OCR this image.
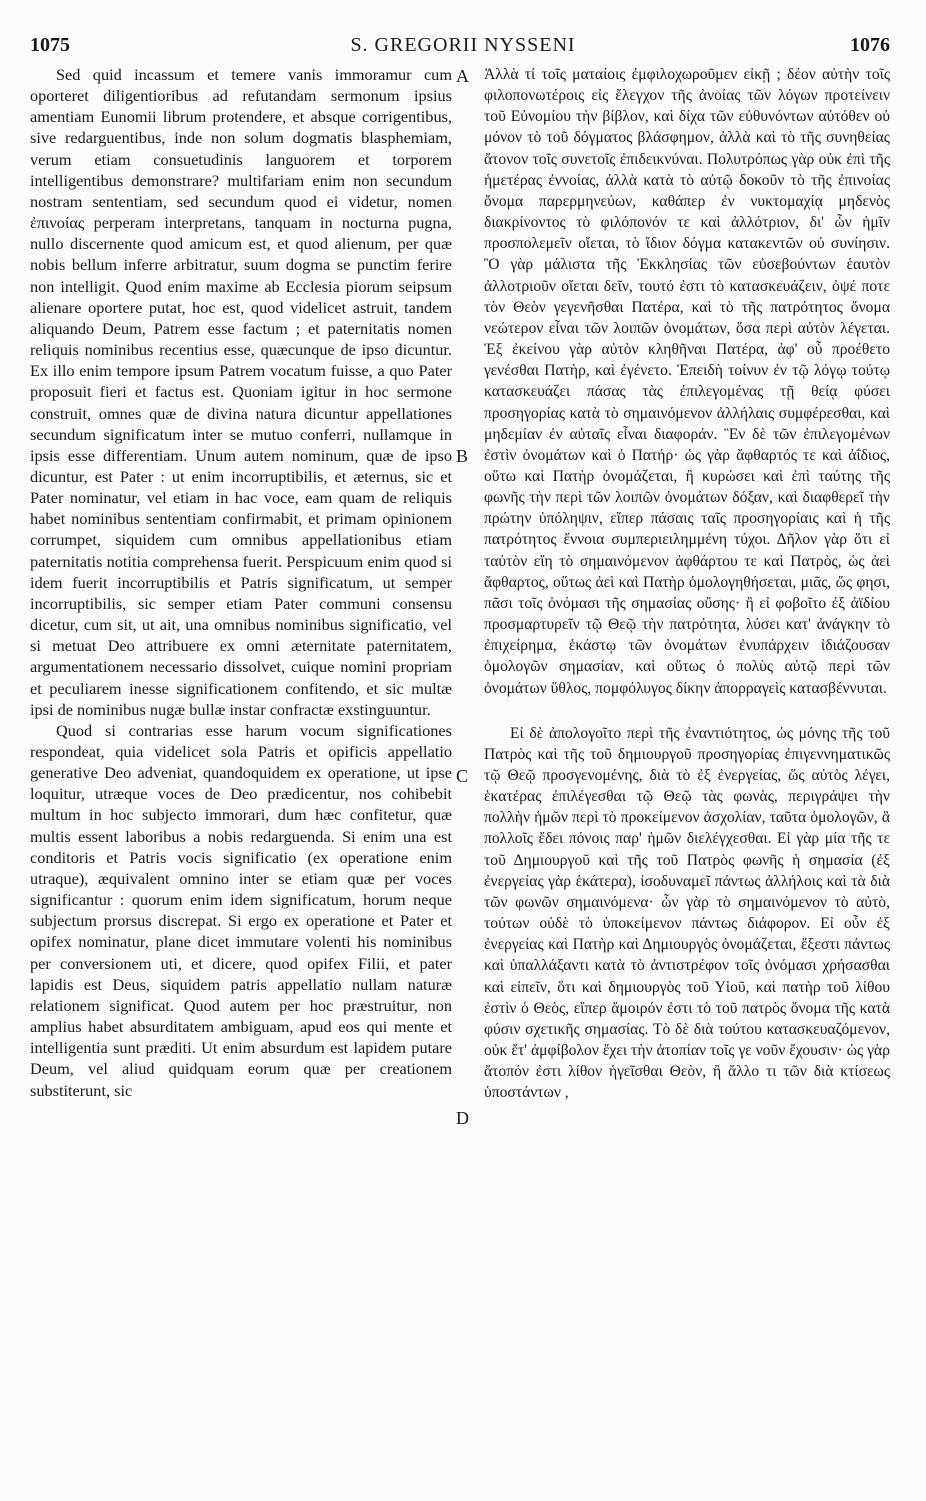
1075	S. GREGORII NYSSENI	1076
A
B
C
D

Sed quid incassum et temere vanis immoramur cum oporteret diligentioribus ad refutandam sermonum ipsius amentiam Eunomii librum protendere, et absque corrigentibus, sive redarguentibus, inde non solum dogmatis blasphemiam, verum etiam consuetudinis languorem et torporem intelligentibus demonstrare? multifariam enim non secundum nostram sententiam, sed secundum quod ei videtur, nomen ἐπινοίας perperam interpretans, tanquam in nocturna pugna, nullo discernente quod amicum est, et quod alienum, per quæ nobis bellum inferre arbitratur, suum dogma se punctim ferire non intelligit. Quod enim maxime ab Ecclesia piorum seipsum alienare oportere putat, hoc est, quod videlicet astruit, tandem aliquando Deum, Patrem esse factum ; et paternitatis nomen reliquis nominibus recentius esse, quæcunque de ipso dicuntur. Ex illo enim tempore ipsum Patrem vocatum fuisse, a quo Pater proposuit fieri et factus est. Quoniam igitur in hoc sermone construit, omnes quæ de divina natura dicuntur appellationes secundum significatum inter se mutuo conferri, nullamque in ipsis esse differentiam. Unum autem nominum, quæ de ipso dicuntur, est Pater : ut enim incorruptibilis, et æternus, sic et Pater nominatur, vel etiam in hac voce, eam quam de reliquis habet nominibus sententiam confirmabit, et primam opinionem corrumpet, siquidem cum omnibus appellationibus etiam paternitatis notitia comprehensa fuerit. Perspicuum enim quod si idem fuerit incorruptibilis et Patris significatum, ut semper incorruptibilis, sic semper etiam Pater communi consensu dicetur, cum sit, ut ait, una omnibus nominibus significatio, vel si metuat Deo attribuere ex omni æternitate paternitatem, argumentationem necessario dissolvet, cuique nomini propriam et peculiarem inesse significationem confitendo, et sic multæ ipsi de nominibus nugæ bullæ instar confractæ exstinguuntur.

Quod si contrarias esse harum vocum significationes respondeat, quia videlicet sola Patris et opificis appellatio generative Deo adveniat, quandoquidem ex operatione, ut ipse loquitur, utræque voces de Deo prædicentur, nos cohibebit multum in hoc subjecto immorari, dum hæc confitetur, quæ multis essent laboribus a nobis redarguenda. Si enim una est conditoris et Patris vocis significatio (ex operatione enim utraque), æquivalent omnino inter se etiam quæ per voces significantur : quorum enim idem significatum, horum neque subjectum prorsus discrepat. Si ergo ex operatione et Pater et opifex nominatur, plane dicet immutare volenti his nominibus per conversionem uti, et dicere, quod opifex Filii, et pater lapidis est Deus, siquidem patris appellatio nullam naturæ relationem significat. Quod autem per hoc præstruitur, non amplius habet absurditatem ambiguam, apud eos qui mente et intelligentia sunt præditi. Ut enim absurdum est lapidem putare Deum, vel aliud quidquam eorum quæ per creationem substiterunt, sic

Ἀλλὰ τί τοῖς ματαίοις ἐμφιλοχωροῦμεν εἰκῇ ; δέον αὐτὴν τοῖς φιλοπονωτέροις εἰς ἔλεγχον τῆς ἀνοίας τῶν λόγων προτείνειν τοῦ Εὐνομίου τὴν βίβλον, καὶ δίχα τῶν εὐθυνόντων αὐτόθεν οὐ μόνον τὸ τοῦ δόγματος βλάσφημον, ἀλλὰ καὶ τὸ τῆς συνηθείας ἄτονον τοῖς συνετοῖς ἐπιδεικνύναι. Πολυτρόπως γὰρ οὐκ ἐπὶ τῆς ἡμετέρας ἐννοίας, ἀλλὰ κατὰ τὸ αὐτῷ δοκοῦν τὸ τῆς ἐπινοίας ὄνομα παρερμηνεύων, καθάπερ ἐν νυκτομαχίᾳ μηδενὸς διακρίνοντος τὸ φιλόπονόν τε καὶ ἀλλότριον, δι' ὧν ἡμῖν προσπολεμεῖν οἴεται, τὸ ἴδιον δόγμα κατακεντῶν οὐ συνίησιν. Ὃ γὰρ μάλιστα τῆς Ἐκκλησίας τῶν εὐσεβούντων ἑαυτὸν ἀλλοτριοῦν οἴεται δεῖν, τουτό ἐστι τὸ κατασκευάζειν, ὀψέ ποτε τὸν Θεὸν γεγενῆσθαι Πατέρα, καὶ τὸ τῆς πατρότητος ὄνομα νεώτερον εἶναι τῶν λοιπῶν ὀνομάτων, ὅσα περὶ αὐτὸν λέγεται. Ἐξ ἐκείνου γὰρ αὐτὸν κληθῆναι Πατέρα, ἀφ' οὗ προέθετο γενέσθαι Πατὴρ, καὶ ἐγένετο. Ἐπειδὴ τοίνυν ἐν τῷ λόγῳ τούτῳ κατασκευάζει πάσας τὰς ἐπιλεγομένας τῇ θείᾳ φύσει προσηγορίας κατὰ τὸ σημαινόμενον ἀλλήλαις συμφέρεσθαι, καὶ μηδεμίαν ἐν αὐταῖς εἶναι διαφοράν. Ἓν δὲ τῶν ἐπιλεγομένων ἐστὶν ὀνομάτων καὶ ὁ Πατήρ· ὡς γὰρ ἄφθαρτός τε καὶ ἀΐδιος, οὕτω καὶ Πατὴρ ὀνομάζεται, ἢ κυρώσει καὶ ἐπὶ ταύτης τῆς φωνῆς τὴν περὶ τῶν λοιπῶν ὀνομάτων δόξαν, καὶ διαφθερεῖ τὴν πρώτην ὑπόληψιν, εἴπερ πάσαις ταῖς προσηγορίαις καὶ ἡ τῆς πατρότητος ἔννοια συμπεριειλημμένη τύχοι. Δῆλον γὰρ ὅτι εἰ ταὐτὸν εἴη τὸ σημαινόμενον ἀφθάρτου τε καὶ Πατρὸς, ὡς ἀεὶ ἄφθαρτος, οὕτως ἀεὶ καὶ Πατὴρ ὁμολογηθήσεται, μιᾶς, ὥς φησι, πᾶσι τοῖς ὀνόμασι τῆς σημασίας οὔσης· ἢ εἰ φοβοῖτο ἐξ ἀϊδίου προσμαρτυρεῖν τῷ Θεῷ τὴν πατρότητα, λύσει κατ' ἀνάγκην τὸ ἐπιχείρημα, ἑκάστῳ τῶν ὀνομάτων ἐνυπάρχειν ἰδιάζουσαν ὁμολογῶν σημασίαν, καὶ οὕτως ὁ πολὺς αὐτῷ περὶ τῶν ὀνομάτων ὕθλος, πομφόλυγος δίκην ἀπορραγεὶς κατασβέννυται.

Εἰ δὲ ἀπολογοῖτο περὶ τῆς ἐναντιότητος, ὡς μόνης τῆς τοῦ Πατρὸς καὶ τῆς τοῦ δημιουργοῦ προσηγορίας ἐπιγεννηματικῶς τῷ Θεῷ προσγενομένης, διὰ τὸ ἐξ ἐνεργείας, ὥς αὐτὸς λέγει, ἑκατέρας ἐπιλέγεσθαι τῷ Θεῷ τὰς φωνὰς, περιγράψει τὴν πολλὴν ἡμῶν περὶ τὸ προκείμενον ἀσχολίαν, ταῦτα ὁμολογῶν, ἃ πολλοῖς ἔδει πόνοις παρ' ἡμῶν διελέγχεσθαι. Εἰ γὰρ μία τῆς τε τοῦ Δημιουργοῦ καὶ τῆς τοῦ Πατρὸς φωνῆς ἡ σημασία (ἐξ ἐνεργείας γὰρ ἑκάτερα), ἰσοδυναμεῖ πάντως ἀλλήλοις καὶ τὰ διὰ τῶν φωνῶν σημαινόμενα· ὧν γὰρ τὸ σημαινόμενον τὸ αὐτὸ, τούτων οὐδὲ τὸ ὑποκείμενον πάντως διάφορον. Εἰ οὖν ἐξ ἐνεργείας καὶ Πατὴρ καὶ Δημιουργὸς ὀνομάζεται, ἔξεστι πάντως καὶ ὑπαλλάξαντι κατὰ τὸ ἀντιστρέφον τοῖς ὀνόμασι χρήσασθαι καὶ εἰπεῖν, ὅτι καὶ δημιουργὸς τοῦ Υἱοῦ, καὶ πατὴρ τοῦ λίθου ἐστὶν ὁ Θεὸς, εἴπερ ἄμοιρόν ἐστι τὸ τοῦ πατρὸς ὄνομα τῆς κατὰ φύσιν σχετικῆς σημασίας. Τὸ δὲ διὰ τούτου κατασκευαζόμενον, οὐκ ἔτ' ἀμφίβολον ἔχει τὴν ἀτοπίαν τοῖς γε νοῦν ἔχουσιν· ὡς γὰρ ἄτοπόν ἐστι λίθον ἡγεῖσθαι Θεὸν, ἢ ἄλλο τι τῶν διὰ κτίσεως ὑποστάντων ,
